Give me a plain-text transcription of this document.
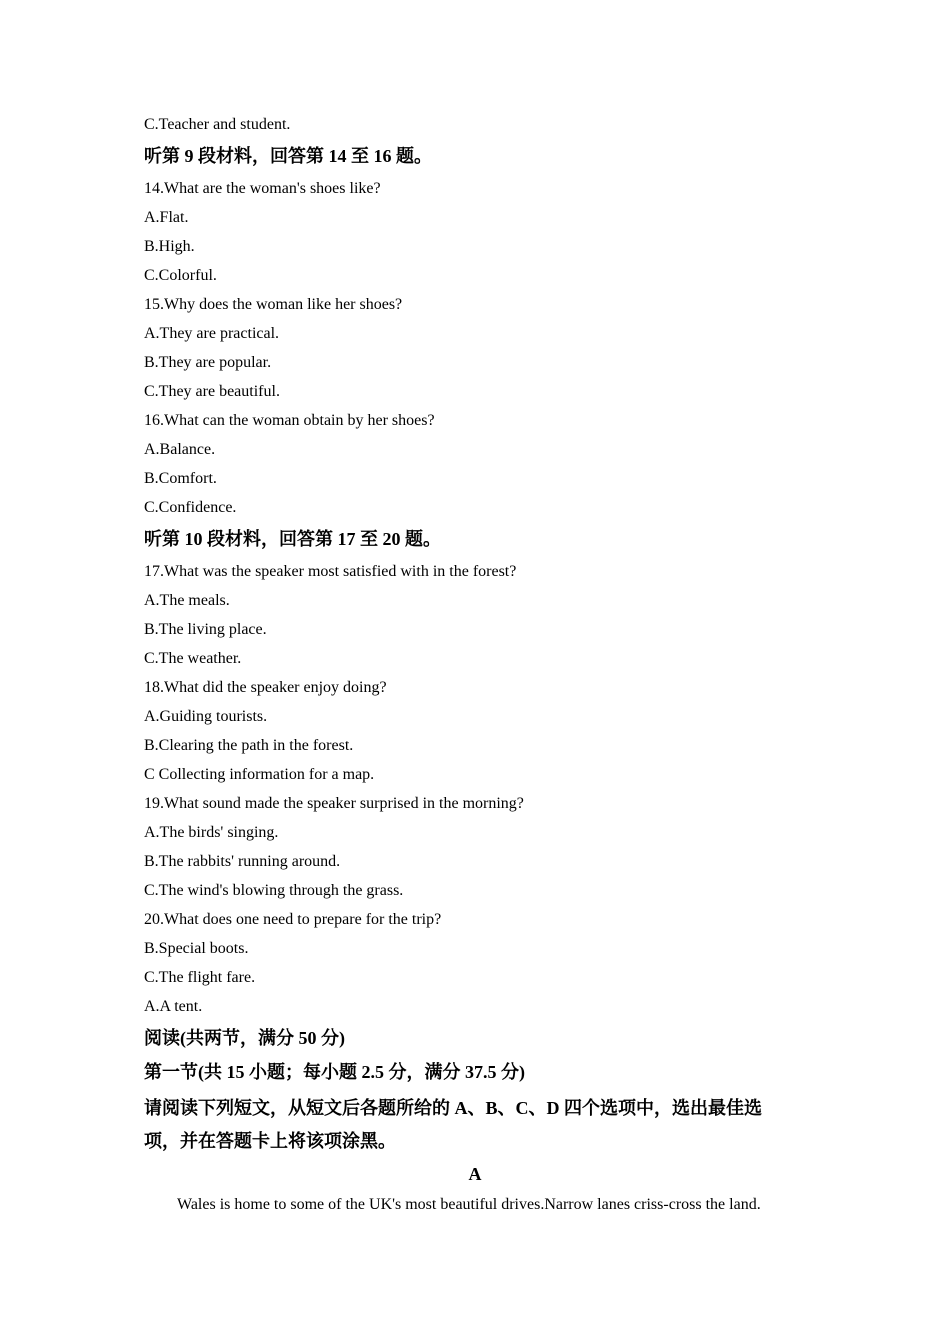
C.Teacher and student.
听第 9 段材料，回答第 14 至 16 题。
14.What are the woman's shoes like?
A.Flat.
B.High.
C.Colorful.
15.Why does the woman like her shoes?
A.They are practical.
B.They are popular.
C.They are beautiful.
16.What can the woman obtain by her shoes?
A.Balance.
B.Comfort.
C.Confidence.
听第 10 段材料，回答第 17 至 20 题。
17.What was the speaker most satisfied with in the forest?
A.The meals.
B.The living place.
C.The weather.
18.What did the speaker enjoy doing?
A.Guiding tourists.
B.Clearing the path in the forest.
C Collecting information for a map.
19.What sound made the speaker surprised in the morning?
A.The birds' singing.
B.The rabbits' running around.
C.The wind's blowing through the grass.
20.What does one need to prepare for the trip?
B.Special boots.
C.The flight fare.
A.A tent.
阅读(共两节，满分 50 分)
第一节(共 15 小题；每小题 2.5 分，满分 37.5 分)
请阅读下列短文，从短文后各题所给的 A、B、C、D 四个选项中，选出最佳选
项，并在答题卡上将该项涂黑。
A
Wales is home to some of the UK's most beautiful drives.Narrow lanes criss-cross the land.
